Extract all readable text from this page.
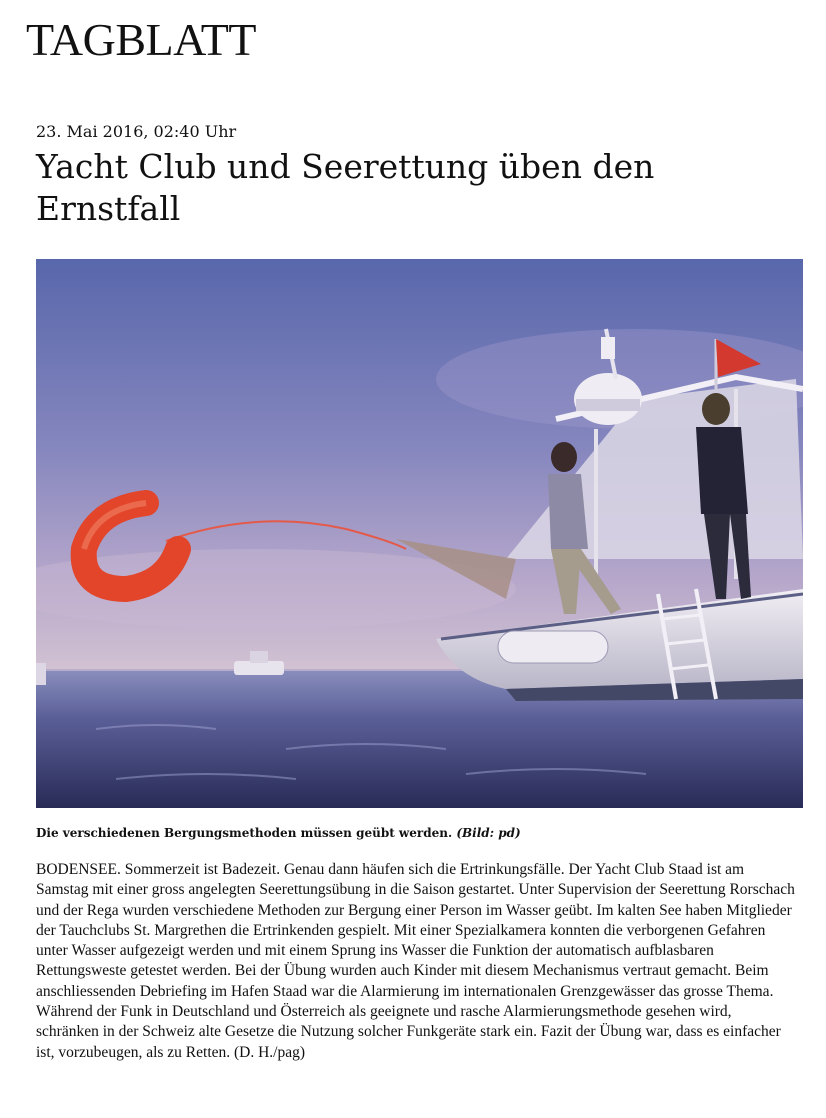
TAGBLATT
23. Mai 2016, 02:40 Uhr
Yacht Club und Seerettung üben den Ernstfall
Die verschiedenen Bergungsmethoden müssen geübt werden. (Bild: pd)

BODENSEE. Sommerzeit ist Badezeit. Genau dann häufen sich die Ertrinkungsfälle. Der Yacht Club Staad ist am Samstag mit einer gross angelegten Seerettungsübung in die Saison gestartet. Unter Supervision der Seerettung Rorschach und der Rega wurden verschiedene Methoden zur Bergung einer Person im Wasser geübt. Im kalten See haben Mitglieder der Tauchclubs St. Margrethen die Ertrinkenden gespielt. Mit einer Spezialkamera konnten die verborgenen Gefahren unter Wasser aufgezeigt werden und mit einem Sprung ins Wasser die Funktion der automatisch aufblasbaren Rettungsweste getestet werden. Bei der Übung wurden auch Kinder mit diesem Mechanismus vertraut gemacht. Beim anschliessenden Debriefing im Hafen Staad war die Alarmierung im internationalen Grenzgewässer das grosse Thema. Während der Funk in Deutschland und Österreich als geeignete und rasche Alarmierungsmethode gesehen wird, schränken in der Schweiz alte Gesetze die Nutzung solcher Funkgeräte stark ein. Fazit der Übung war, dass es einfacher ist, vorzubeugen, als zu Retten. (D. H./pag)
